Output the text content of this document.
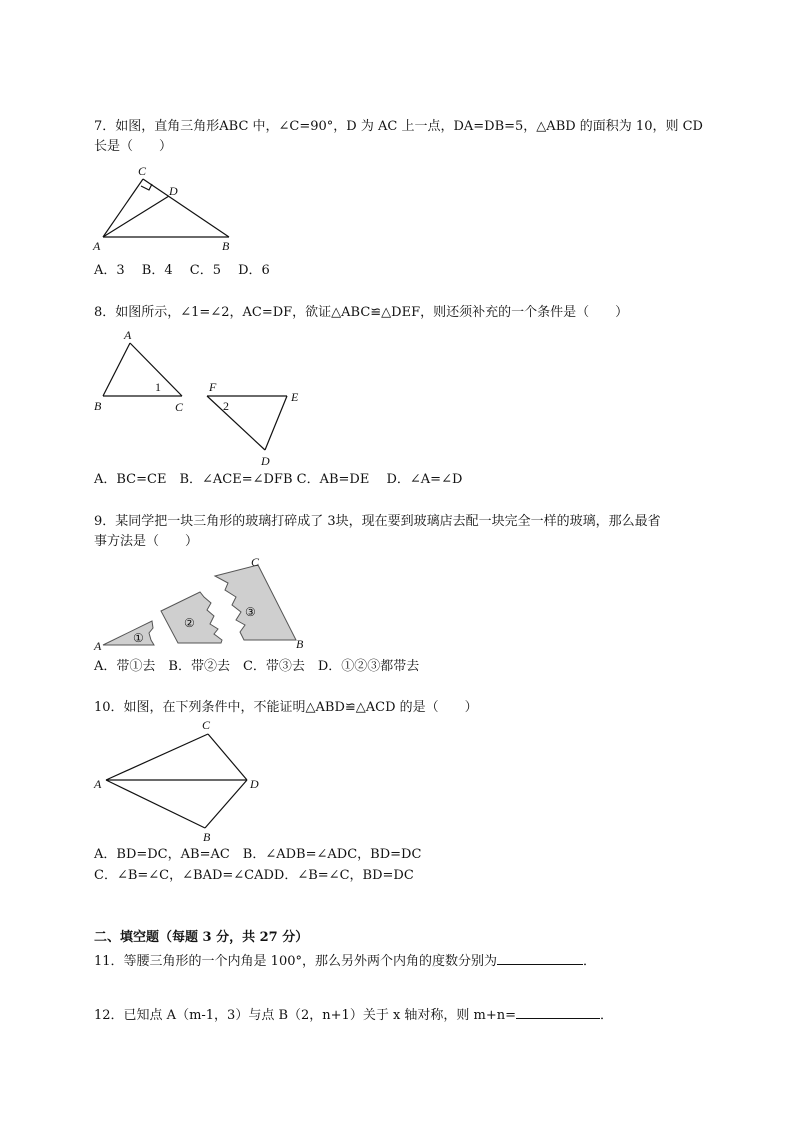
7．如图，直角三角形ABC 中，∠C=90°，D 为 AC 上一点，DA=DB=5，△ABD 的面积为 10，则 CD
长是（　　）
C
D
A	B
A．3　 B．4　 C．5　 D．6
8．如图所示，∠1=∠2，AC=DF，欲证△ABC≌△DEF，则还须补充的一个条件是（　　）
A
1
B	C
F
2
E
D
A．BC=CE　B．∠ACE=∠DFB C．AB=DE　 D．∠A=∠D
9．某同学把一块三角形的玻璃打碎成了 3块，现在要到玻璃店去配一块完全一样的玻璃，那么最省
事方法是（　　）
A	B
C
①
②
③
A．带①去　B．带②去　C．带③去　D．①②③都带去
10．如图，在下列条件中，不能证明△ABD≌△ACD 的是（　　）
C
A	D
B
A．BD=DC，AB=AC　B．∠ADB=∠ADC，BD=DC
C．∠B=∠C，∠BAD=∠CADD．∠B=∠C，BD=DC
二、填空题（每题 3 分，共 27 分）
11．等腰三角形的一个内角是 100°，那么另外两个内角的度数分别为	．
12．已知点 A（m-1，3）与点 B（2，n+1）关于 x 轴对称，则 m+n=	．
